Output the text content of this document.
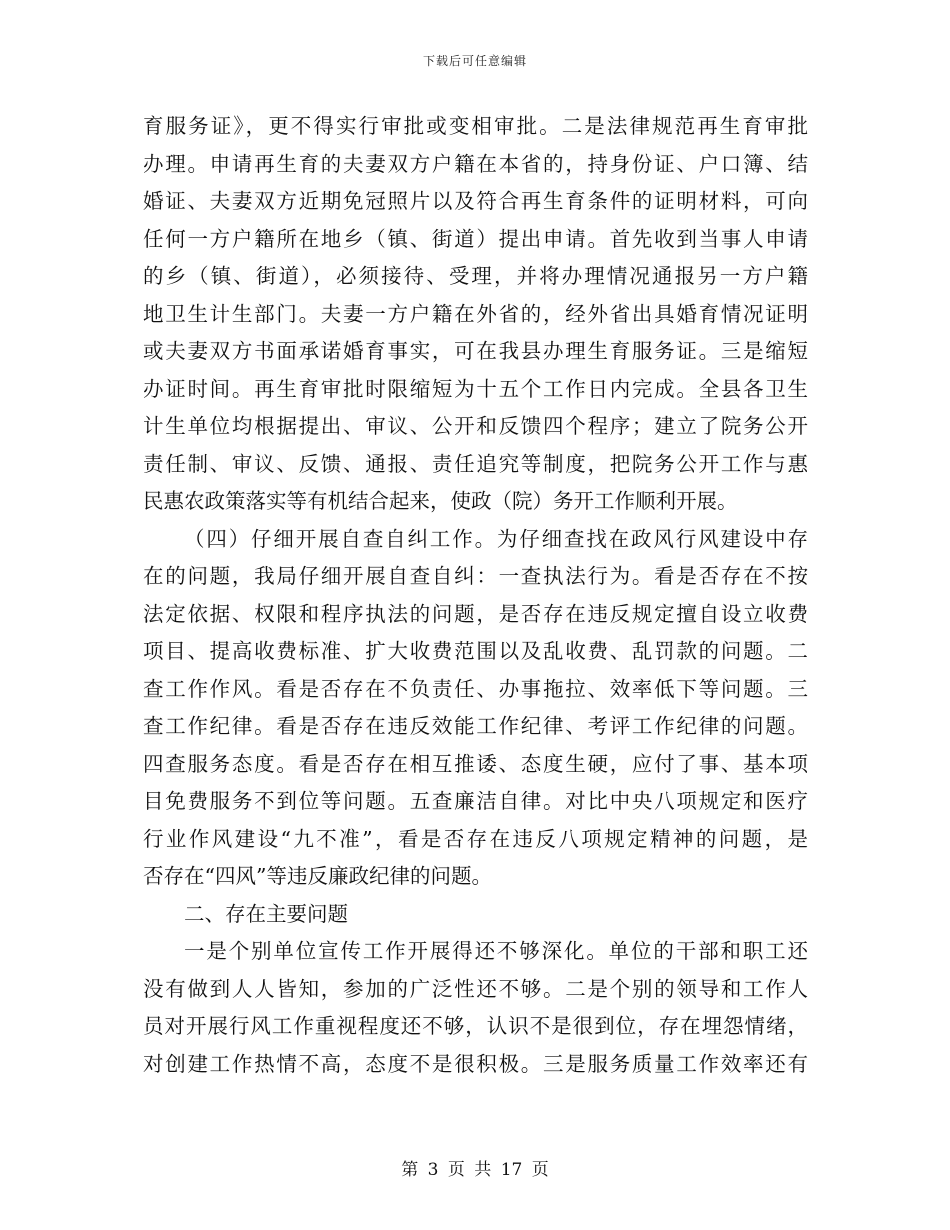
下载后可任意编辑
育服务证》，更不得实行审批或变相审批。二是法律规范再生育审批
办理。申请再生育的夫妻双方户籍在本省的，持身份证、户口簿、结
婚证、夫妻双方近期免冠照片以及符合再生育条件的证明材料，可向
任何一方户籍所在地乡（镇、街道）提出申请。首先收到当事人申请
的乡（镇、街道），必须接待、受理，并将办理情况通报另一方户籍
地卫生计生部门。夫妻一方户籍在外省的，经外省出具婚育情况证明
或夫妻双方书面承诺婚育事实，可在我县办理生育服务证。三是缩短
办证时间。再生育审批时限缩短为十五个工作日内完成。全县各卫生
计生单位均根据提出、审议、公开和反馈四个程序；建立了院务公开
责任制、审议、反馈、通报、责任追究等制度，把院务公开工作与惠
民惠农政策落实等有机结合起来，使政（院）务开工作顺利开展。
（四）仔细开展自查自纠工作。为仔细查找在政风行风建设中存
在的问题，我局仔细开展自查自纠：一查执法行为。看是否存在不按
法定依据、权限和程序执法的问题，是否存在违反规定擅自设立收费
项目、提高收费标准、扩大收费范围以及乱收费、乱罚款的问题。二
查工作作风。看是否存在不负责任、办事拖拉、效率低下等问题。三
查工作纪律。看是否存在违反效能工作纪律、考评工作纪律的问题。
四查服务态度。看是否存在相互推诿、态度生硬，应付了事、基本项
目免费服务不到位等问题。五查廉洁自律。对比中央八项规定和医疗
行业作风建设“九不准”，看是否存在违反八项规定精神的问题，是
否存在“四风”等违反廉政纪律的问题。
二、存在主要问题
一是个别单位宣传工作开展得还不够深化。单位的干部和职工还
没有做到人人皆知，参加的广泛性还不够。二是个别的领导和工作人
员对开展行风工作重视程度还不够，认识不是很到位，存在埋怨情绪，
对创建工作热情不高，态度不是很积极。三是服务质量工作效率还有
第 3 页 共 17 页
